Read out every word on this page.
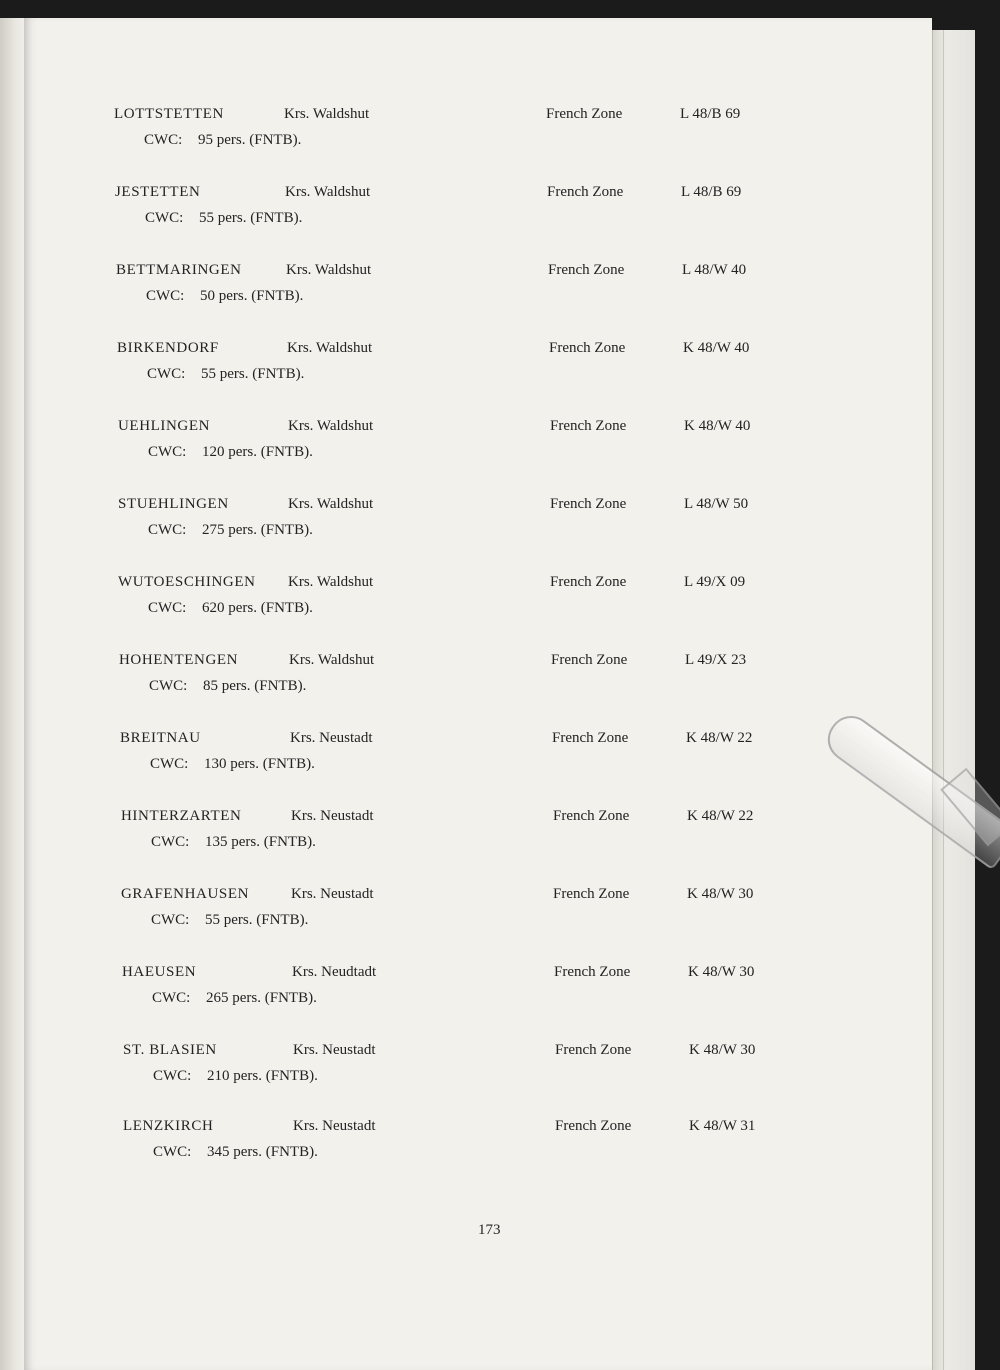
LOTTSTETTEN	Krs. Waldshut	French Zone	L 48/B 69
CWC: 95 pers. (FNTB).
JESTETTEN	Krs. Waldshut	French Zone	L 48/B 69
CWC: 55 pers. (FNTB).
BETTMARINGEN	Krs. Waldshut	French Zone	L 48/W 40
CWC: 50 pers. (FNTB).
BIRKENDORF	Krs. Waldshut	French Zone	K 48/W 40
CWC: 55 pers. (FNTB).
UEHLINGEN	Krs. Waldshut	French Zone	K 48/W 40
CWC: 120 pers. (FNTB).
STUEHLINGEN	Krs. Waldshut	French Zone	L 48/W 50
CWC: 275 pers. (FNTB).
WUTOESCHINGEN Krs. Waldshut	French Zone	L 49/X 09
CWC: 620 pers. (FNTB).
HOHENTENGEN	Krs. Waldshut	French Zone	L 49/X 23
CWC: 85 pers. (FNTB).
BREITNAU	Krs. Neustadt	French Zone	K 48/W 22
CWC: 130 pers. (FNTB).
HINTERZARTEN	Krs. Neustadt	French Zone	K 48/W 22
CWC: 135 pers. (FNTB).
GRAFENHAUSEN	Krs. Neustadt	French Zone	K 48/W 30
CWC: 55 pers. (FNTB).
HAEUSEN	Krs. Neudtadt	French Zone	K 48/W 30
CWC: 265 pers. (FNTB).
ST. BLASIEN	Krs. Neustadt	French Zone	K 48/W 30
CWC: 210 pers. (FNTB).
LENZKIRCH	Krs. Neustadt	French Zone	K 48/W 31
CWC: 345 pers. (FNTB).
173
